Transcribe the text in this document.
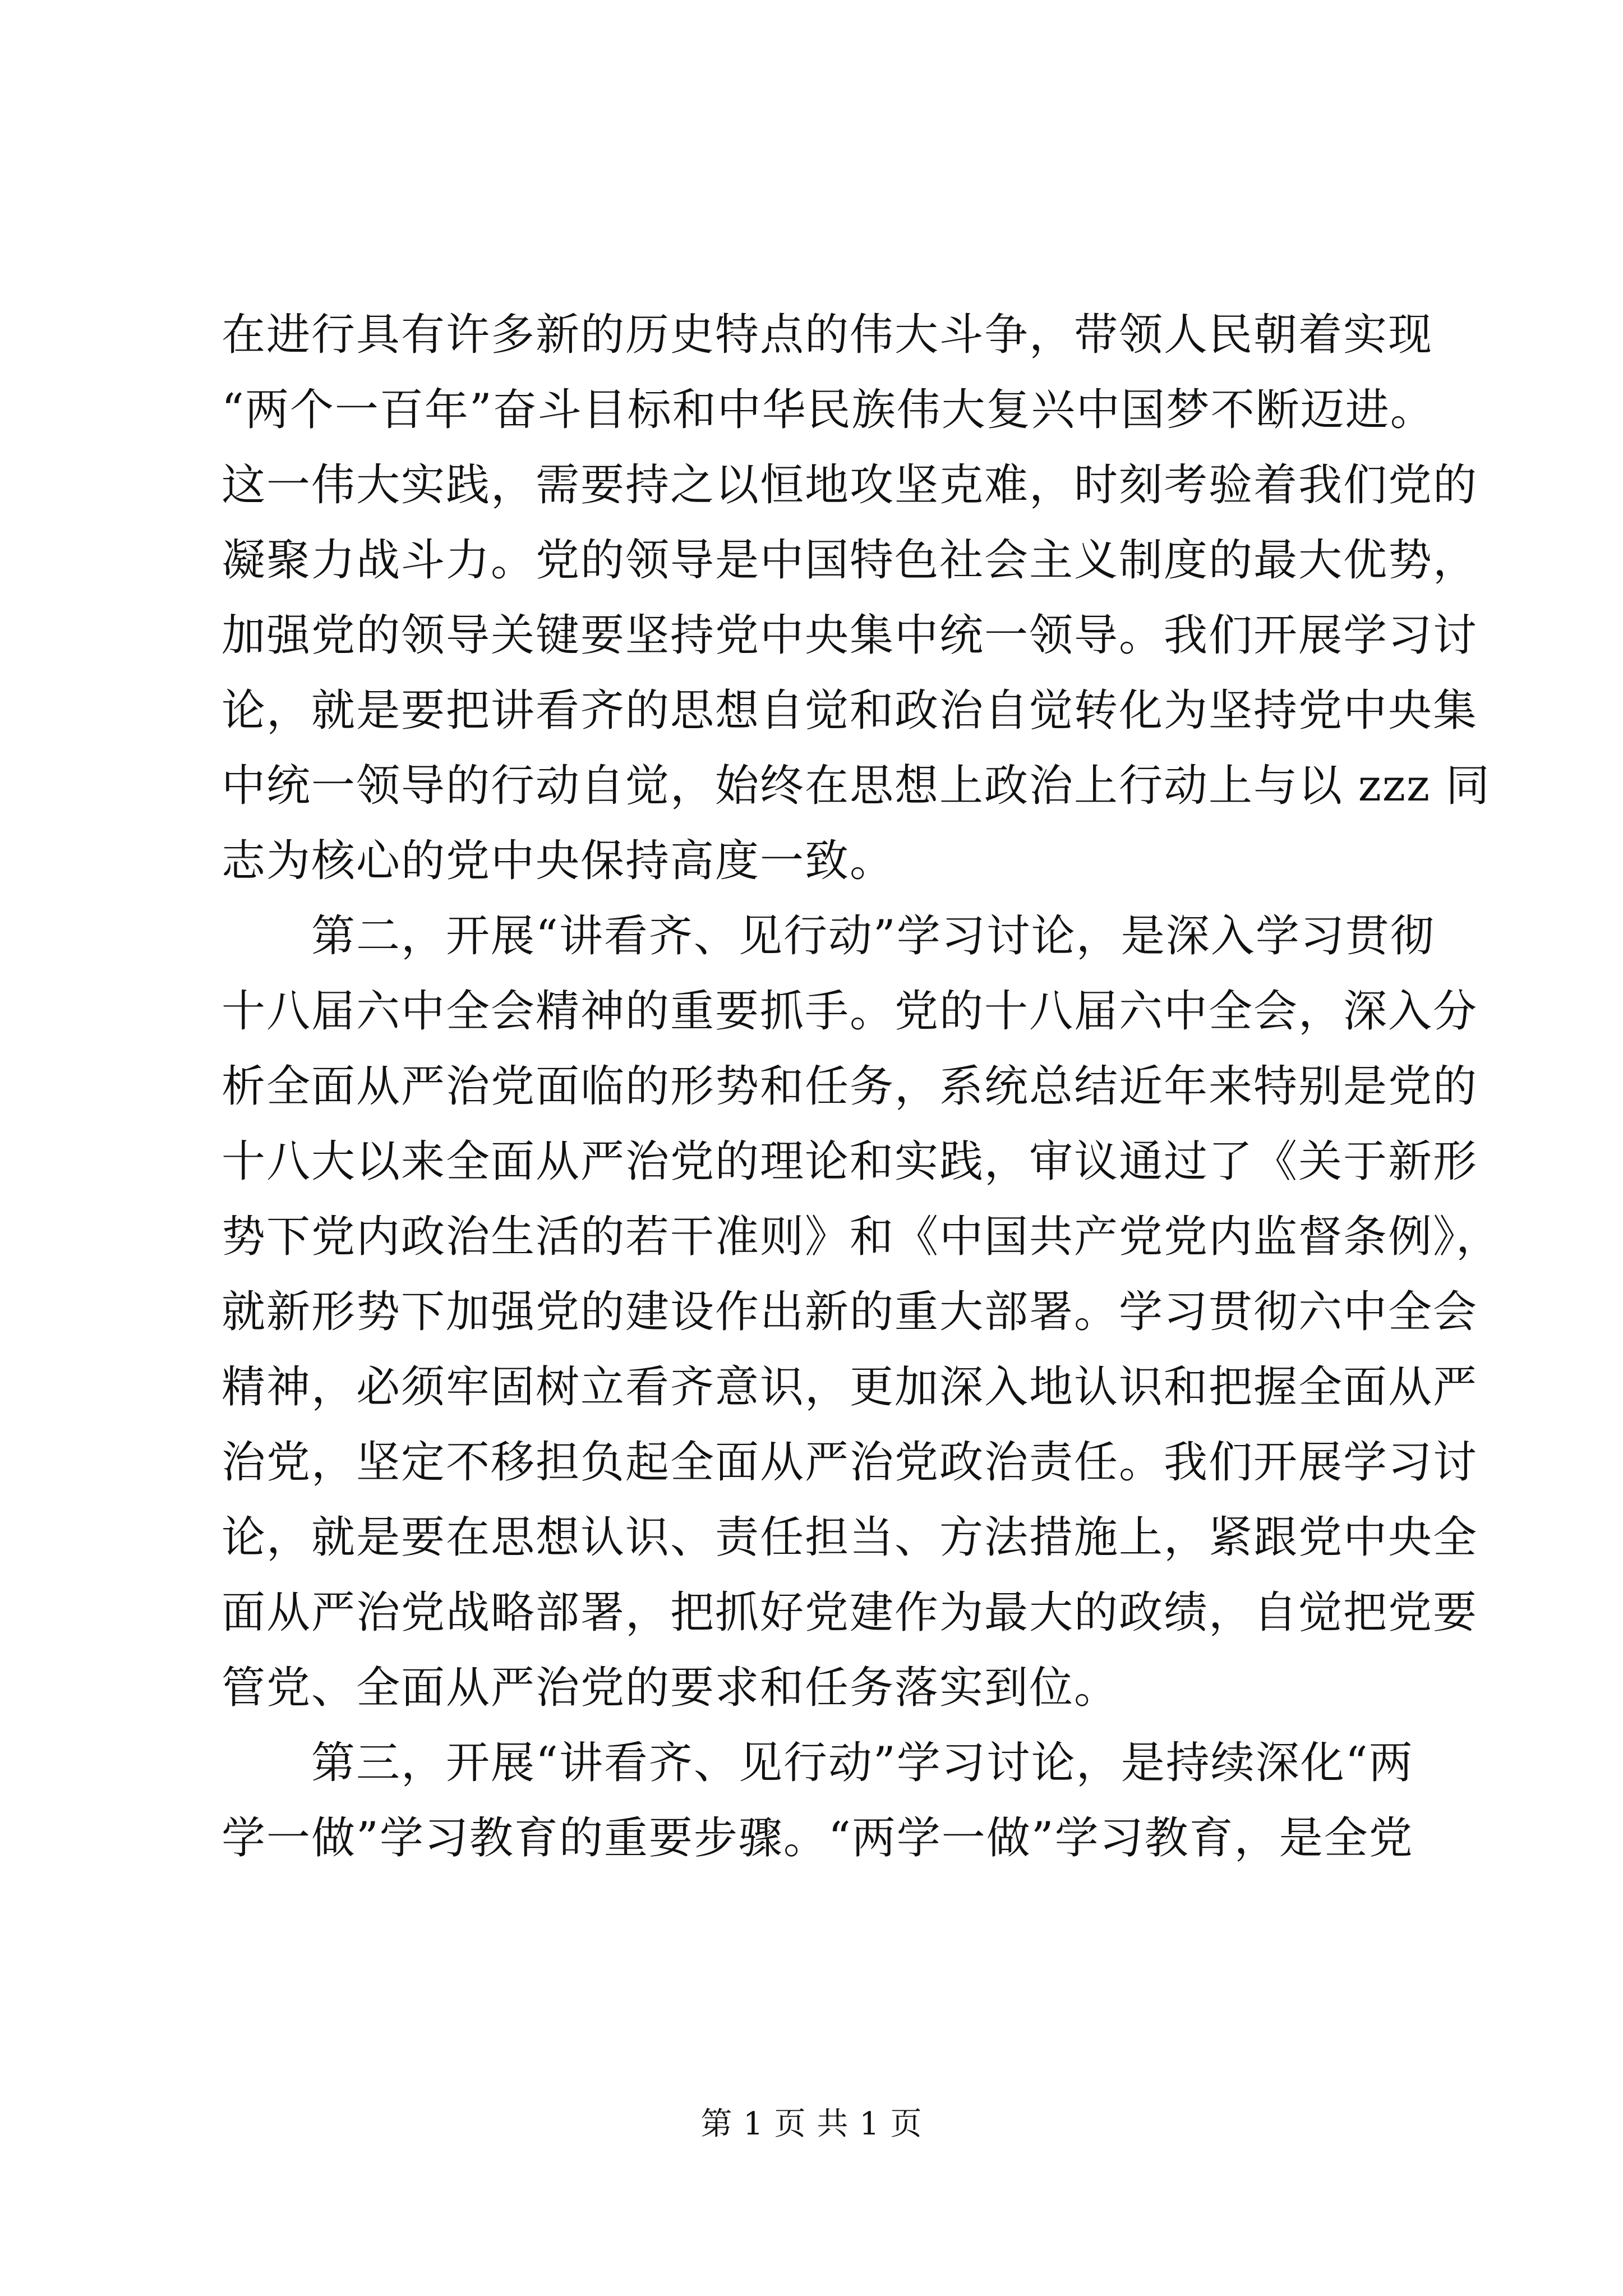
在进行具有许多新的历史特点的伟大斗争，带领人民朝着实现
“两个一百年”奋斗目标和中华民族伟大复兴中国梦不断迈进。
这一伟大实践，需要持之以恒地攻坚克难，时刻考验着我们党的
凝聚力战斗力。党的领导是中国特色社会主义制度的最大优势，
加强党的领导关键要坚持党中央集中统一领导。我们开展学习讨
论，就是要把讲看齐的思想自觉和政治自觉转化为坚持党中央集
中统一领导的行动自觉，始终在思想上政治上行动上与以 zzz 同
志为核心的党中央保持高度一致。
第二，开展“讲看齐、见行动”学习讨论，是深入学习贯彻
十八届六中全会精神的重要抓手。党的十八届六中全会，深入分
析全面从严治党面临的形势和任务，系统总结近年来特别是党的
十八大以来全面从严治党的理论和实践，审议通过了《关于新形
势下党内政治生活的若干准则》和《中国共产党党内监督条例》，
就新形势下加强党的建设作出新的重大部署。学习贯彻六中全会
精神，必须牢固树立看齐意识，更加深入地认识和把握全面从严
治党，坚定不移担负起全面从严治党政治责任。我们开展学习讨
论，就是要在思想认识、责任担当、方法措施上，紧跟党中央全
面从严治党战略部署，把抓好党建作为最大的政绩，自觉把党要
管党、全面从严治党的要求和任务落实到位。
第三，开展“讲看齐、见行动”学习讨论，是持续深化“两
学一做”学习教育的重要步骤。“两学一做”学习教育，是全党
第 1 页 共 1 页
